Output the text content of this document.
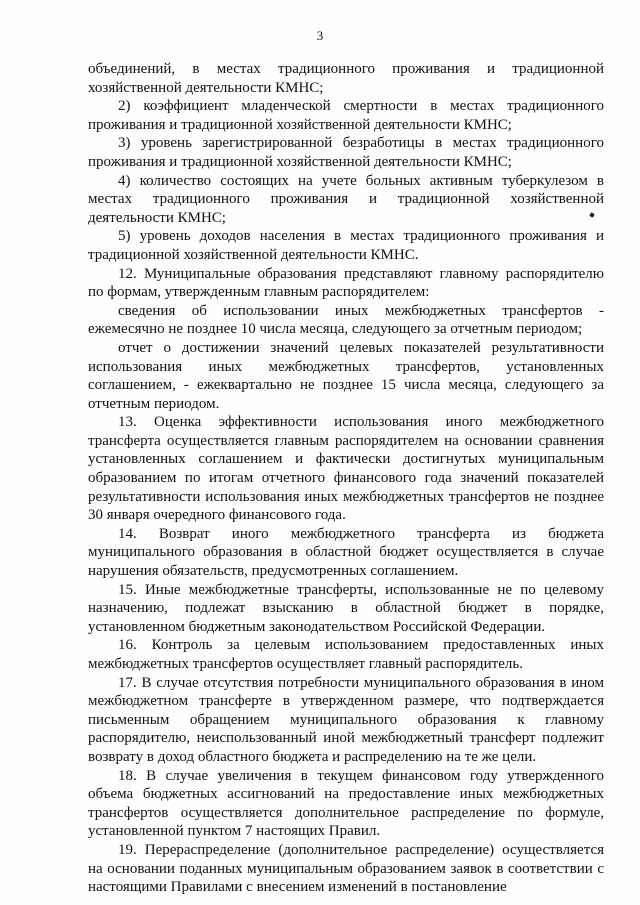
3

объединений, в местах традиционного проживания и традиционной хозяйственной деятельности КМНС;

2) коэффициент младенческой смертности в местах традиционного проживания и традиционной хозяйственной деятельности КМНС;

3) уровень зарегистрированной безработицы в местах традиционного проживания и традиционной хозяйственной деятельности КМНС;

4) количество состоящих на учете больных активным туберкулезом в местах традиционного проживания и традиционной хозяйственной деятельности КМНС;

5) уровень доходов населения в местах традиционного проживания и традиционной хозяйственной деятельности КМНС.

12. Муниципальные образования представляют главному распорядителю по формам, утвержденным главным распорядителем:

сведения об использовании иных межбюджетных трансфертов - ежемесячно не позднее 10 числа месяца, следующего за отчетным периодом;

отчет о достижении значений целевых показателей результативности использования иных межбюджетных трансфертов, установленных соглашением, - ежеквартально не позднее 15 числа месяца, следующего за отчетным периодом.

13. Оценка эффективности использования иного межбюджетного трансферта осуществляется главным распорядителем на основании сравнения установленных соглашением и фактически достигнутых муниципальным образованием по итогам отчетного финансового года значений показателей результативности использования иных межбюджетных трансфертов не позднее 30 января очередного финансового года.

14. Возврат иного межбюджетного трансферта из бюджета муниципального образования в областной бюджет осуществляется в случае нарушения обязательств, предусмотренных соглашением.

15. Иные межбюджетные трансферты, использованные не по целевому назначению, подлежат взысканию в областной бюджет в порядке, установленном бюджетным законодательством Российской Федерации.

16. Контроль за целевым использованием предоставленных иных межбюджетных трансфертов осуществляет главный распорядитель.

17. В случае отсутствия потребности муниципального образования в ином межбюджетном трансферте в утвержденном размере, что подтверждается письменным обращением муниципального образования к главному распорядителю, неиспользованный иной межбюджетный трансферт подлежит возврату в доход областного бюджета и распределению на те же цели.

18. В случае увеличения в текущем финансовом году утвержденного объема бюджетных ассигнований на предоставление иных межбюджетных трансфертов осуществляется дополнительное распределение по формуле, установленной пунктом 7 настоящих Правил.

19. Перераспределение (дополнительное распределение) осуществляется на основании поданных муниципальным образованием заявок в соответствии с настоящими Правилами с внесением изменений в постановление
